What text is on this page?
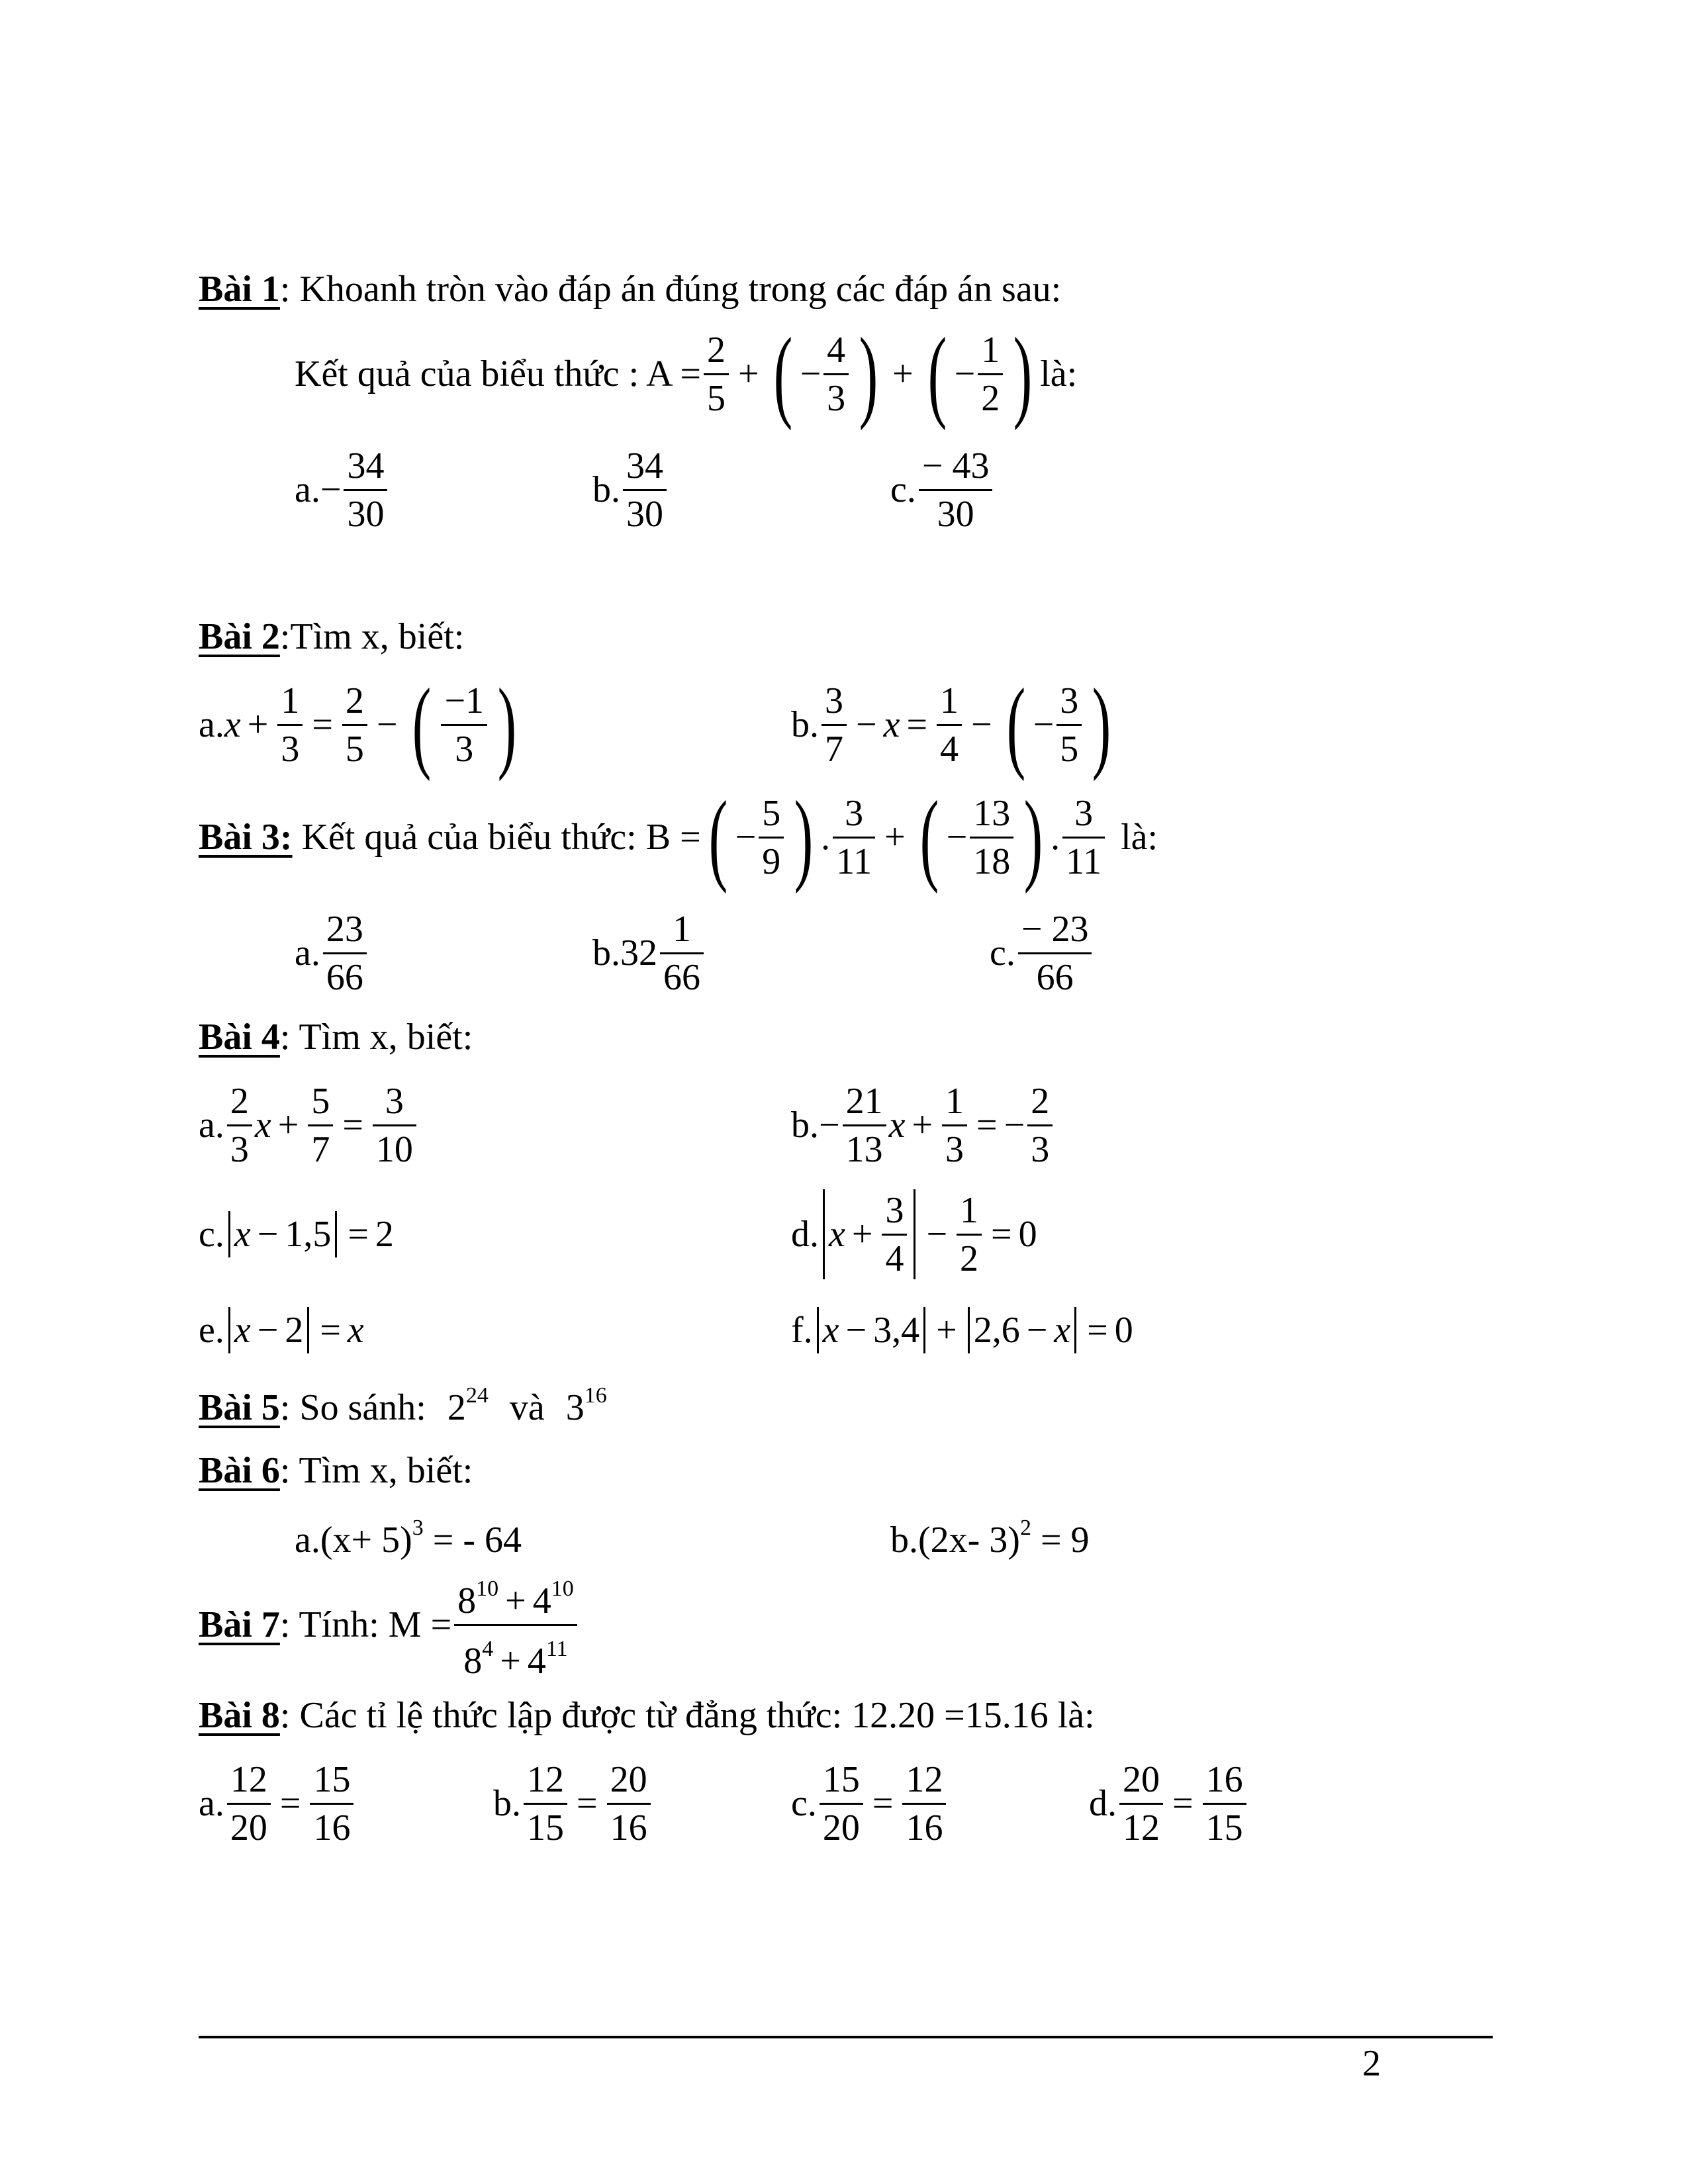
Bài 1: Khoanh tròn vào đáp án đúng trong các đáp án sau:
Kết quả của biểu thức : $A = \frac{2}{5}$ + ( − $\frac{4}{3}$ ) + ( − $\frac{1}{2}$ ) là:
a. − $\frac{34}{30}$	b. $\frac{34}{30}$	c. $\frac{- 43}{30}$
Bài 2:Tìm x, biết:
a. $x + \frac{1}{3} = \frac{2}{5}$ − ( $\frac{-1}{3}$ )	b. $\frac{3}{7} - x = \frac{1}{4}$ − ( − $\frac{3}{5}$ )
Bài 3: Kết quả của biểu thức: B = ( − $\frac{5}{9}$ ) . $\frac{3}{11}$ + ( − $\frac{13}{18}$ ) . $\frac{3}{11}$ là:
a. $\frac{23}{66}$	b. $32 \frac{1}{66}$	c. $\frac{- 23}{66}$
Bài 4: Tìm x, biết:
a. $\frac{2}{3}$ $x + \frac{5}{7} = \frac{3}{10}$	b. − $\frac{21}{13}$ $x + \frac{1}{3}$ = − $\frac{2}{3}$
c. x − 1,5 = 2	d. $x + \frac{3}{4} - \frac{1}{2} = 0$
e. x − 2 = x	f. x − 3,4 + 2,6 − x = 0
Bài 5: So sánh: $2^{24}$ và $3^{16}$
Bài 6: Tìm x, biết:
$a.(x+ 5)^3$ = - 64	b.(2x- 3)$^2$ = 9
Bài 7 : Tính: $M = \frac{8^{10} + 4^{10}}{8^4 + 4^{11}}$
Bài 8: Các tỉ lệ thức lập được từ đẳng thức: 12.20 =15.16 là:
a. $\frac{12}{20} = \frac{15}{16}$	b. $\frac{12}{15} = \frac{20}{16}$	c. $\frac{15}{20} = \frac{12}{16}$	d. $\frac{20}{12} = \frac{16}{15}$
2
